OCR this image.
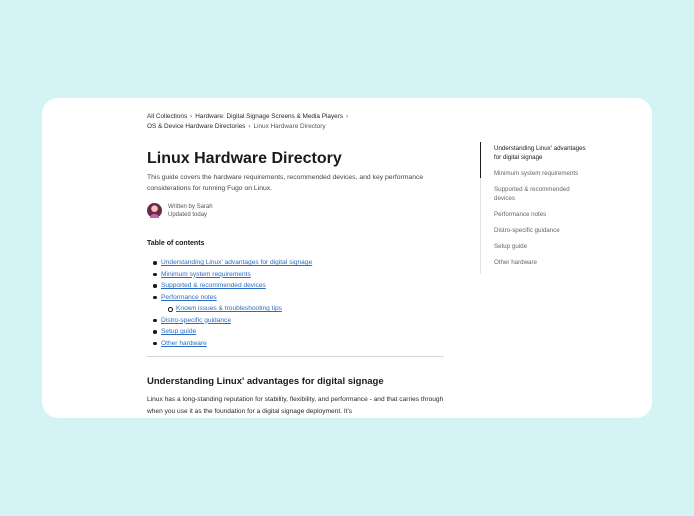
All Collections › Hardware: Digital Signage Screens & Media Players ›
OS & Device Hardware Directories › Linux Hardware Directory
Linux Hardware Directory

This guide covers the hardware requirements, recommended devices, and key performance considerations for running Fugo on Linux.

Written by Sarah
Updated today
Table of contents
Understanding Linux' advantages for digital signage
Minimum system requirements
Supported & recommended devices
Performance notes
Known issues & troubleshooting tips
Distro-specific guidance
Setup guide
Other hardware
Understanding Linux' advantages for digital signage

Linux has a long-standing reputation for stability, flexibility, and performance - and that carries through when you use it as the foundation for a digital signage deployment. It's

Understanding Linux' advantages for digital signage
Minimum system requirements
Supported & recommended devices
Performance notes
Distro-specific guidance
Setup guide
Other hardware
